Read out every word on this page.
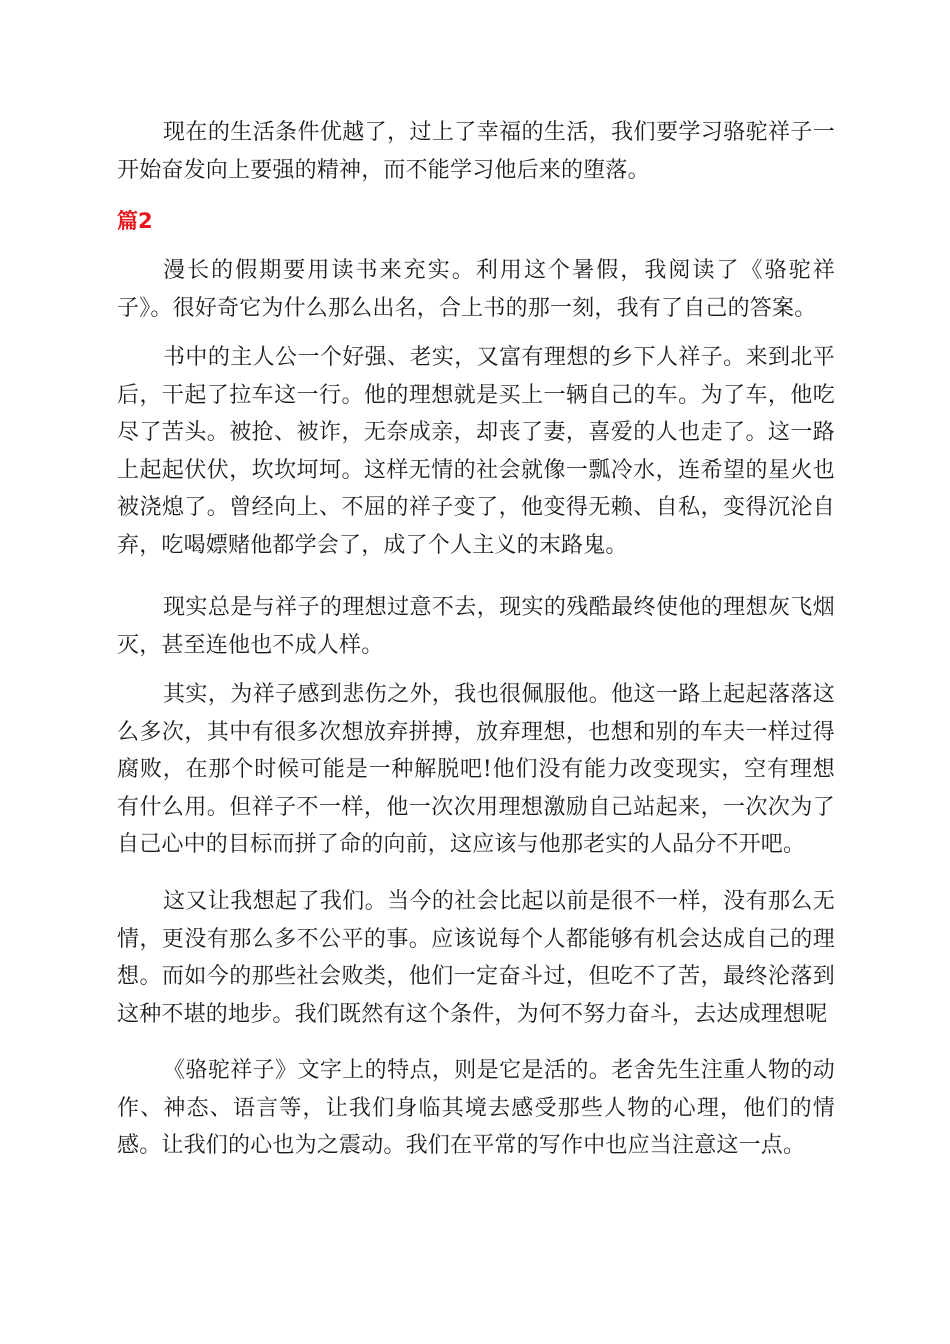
现在的生活条件优越了，过上了幸福的生活，我们要学习骆驼祥子一开始奋发向上要强的精神，而不能学习他后来的堕落。

篇2

漫长的假期要用读书来充实。利用这个暑假，我阅读了《骆驼祥子》。很好奇它为什么那么出名，合上书的那一刻，我有了自己的答案。

书中的主人公一个好强、老实，又富有理想的乡下人祥子。来到北平后，干起了拉车这一行。他的理想就是买上一辆自己的车。为了车，他吃尽了苦头。被抢、被诈，无奈成亲，却丧了妻，喜爱的人也走了。这一路上起起伏伏，坎坎坷坷。这样无情的社会就像一瓢冷水，连希望的星火也被浇熄了。曾经向上、不屈的祥子变了，他变得无赖、自私，变得沉沦自弃，吃喝嫖赌他都学会了，成了个人主义的末路鬼。

现实总是与祥子的理想过意不去，现实的残酷最终使他的理想灰飞烟灭，甚至连他也不成人样。

其实，为祥子感到悲伤之外，我也很佩服他。他这一路上起起落落这么多次，其中有很多次想放弃拼搏，放弃理想，也想和别的车夫一样过得腐败，在那个时候可能是一种解脱吧!他们没有能力改变现实，空有理想有什么用。但祥子不一样，他一次次用理想激励自己站起来，一次次为了自己心中的目标而拼了命的向前，这应该与他那老实的人品分不开吧。

这又让我想起了我们。当今的社会比起以前是很不一样，没有那么无情，更没有那么多不公平的事。应该说每个人都能够有机会达成自己的理想。而如今的那些社会败类，他们一定奋斗过，但吃不了苦，最终沦落到这种不堪的地步。我们既然有这个条件，为何不努力奋斗，去达成理想呢

《骆驼祥子》文字上的特点，则是它是活的。老舍先生注重人物的动作、神态、语言等，让我们身临其境去感受那些人物的心理，他们的情感。让我们的心也为之震动。我们在平常的写作中也应当注意这一点。
